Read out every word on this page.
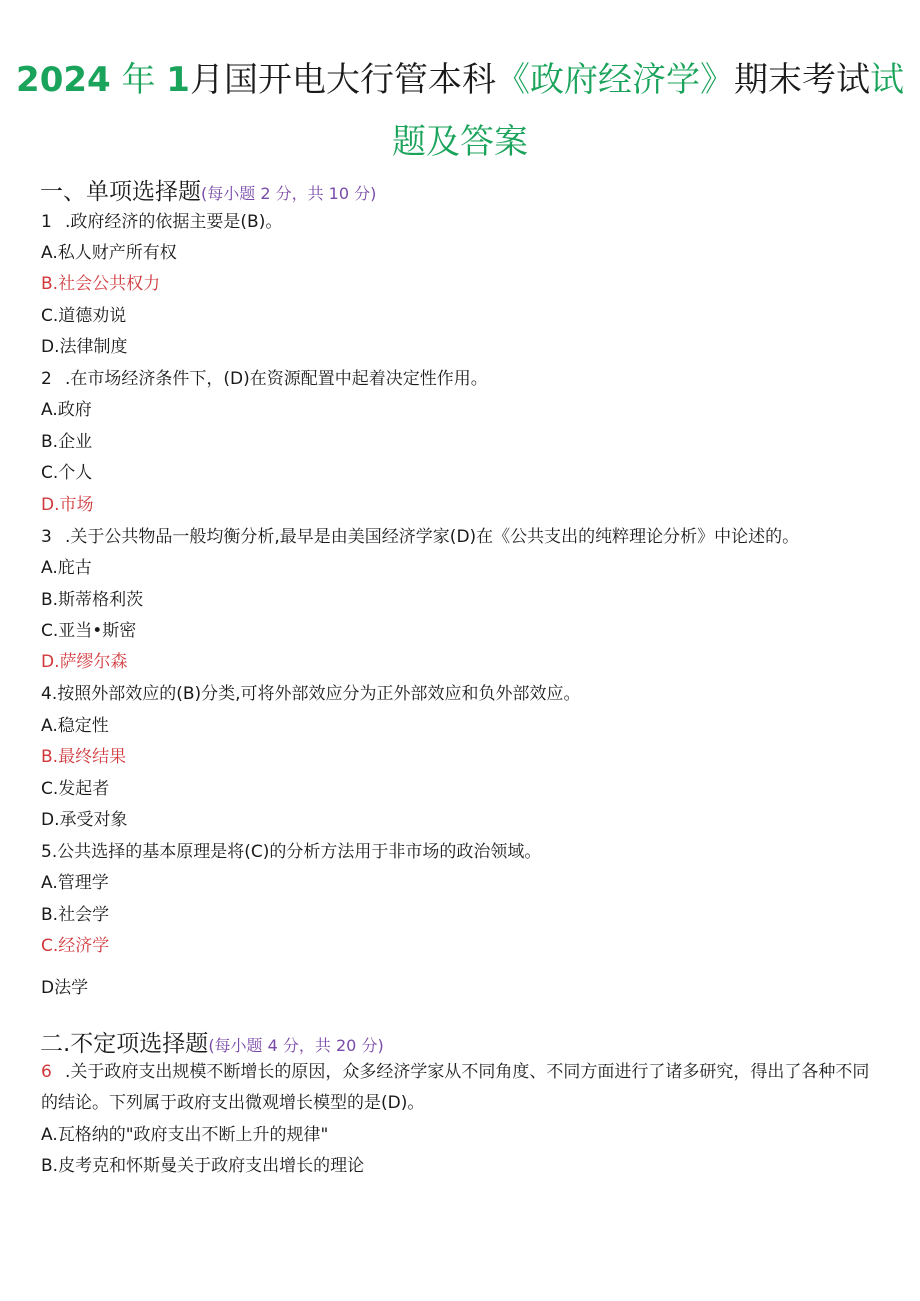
2024 年 1月国开电大行管本科《政府经济学》期末考试试
题及答案
一、单项选择题(每小题 2 分，共 10 分)
1 .政府经济的依据主要是(B)。
A.私人财产所有权
B.社会公共权力
C.道德劝说
D.法律制度
2 .在市场经济条件下，(D)在资源配置中起着决定性作用。
A.政府
B.企业
C.个人
D.市场
3 .关于公共物品一般均衡分析,最早是由美国经济学家(D)在《公共支出的纯粹理论分析》中论述的。
A.庇古
B.斯蒂格利茨
C.亚当•斯密
D.萨缪尔森
4.按照外部效应的(B)分类,可将外部效应分为正外部效应和负外部效应。
A.稳定性
B.最终结果
C.发起者
D.承受对象
5.公共选择的基本原理是将(C)的分析方法用于非市场的政治领域。
A.管理学
B.社会学
C.经济学
D法学
二.不定项选择题(每小题 4 分，共 20 分)
6 .关于政府支出规模不断增长的原因，众多经济学家从不同角度、不同方面进行了诸多研究，得出了各种不同的结论。下列属于政府支出微观增长模型的是(D)。
A.瓦格纳的"政府支出不断上升的规律"
B.皮考克和怀斯曼关于政府支出增长的理论
